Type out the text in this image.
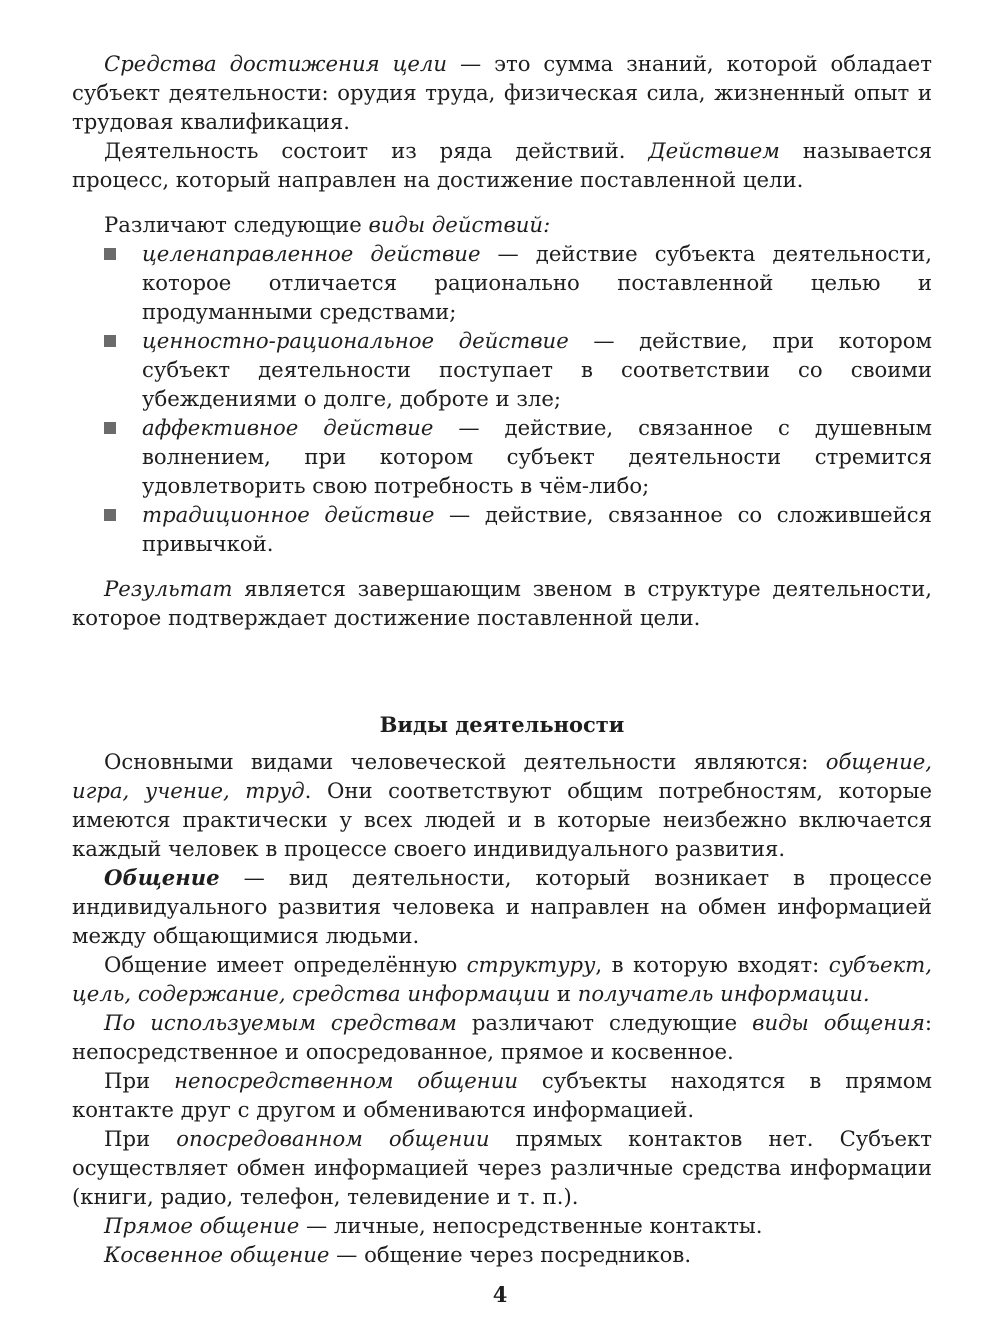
Средства достижения цели — это сумма знаний, которой обладает субъект деятельности: орудия труда, физическая сила, жизненный опыт и трудовая квалификация.

Деятельность состоит из ряда действий. Действием называется процесс, который направлен на достижение поставленной цели.

Различают следующие виды действий:

целенаправленное действие — действие субъекта деятельности, которое отличается рационально поставленной целью и продуманными средствами;
ценностно-рациональное действие — действие, при котором субъект деятельности поступает в соответствии со своими убеждениями о долге, доброте и зле;
аффективное действие — действие, связанное с душевным волнением, при котором субъект деятельности стремится удовлетворить свою потребность в чём-либо;
традиционное действие — действие, связанное со сложившейся привычкой.

Результат является завершающим звеном в структуре деятельности, которое подтверждает достижение поставленной цели.

Виды деятельности

Основными видами человеческой деятельности являются: общение, игра, учение, труд. Они соответствуют общим потребностям, которые имеются практически у всех людей и в которые неизбежно включается каждый человек в процессе своего индивидуального развития.

Общение — вид деятельности, который возникает в процессе индивидуального развития человека и направлен на обмен информацией между общающимися людьми.

Общение имеет определённую структуру, в которую входят: субъект, цель, содержание, средства информации и получатель информации.

По используемым средствам различают следующие виды общения: непосредственное и опосредованное, прямое и косвенное.

При непосредственном общении субъекты находятся в прямом контакте друг с другом и обмениваются информацией.

При опосредованном общении прямых контактов нет. Субъект осуществляет обмен информацией через различные средства информации (книги, радио, телефон, телевидение и т. п.).

Прямое общение — личные, непосредственные контакты.

Косвенное общение — общение через посредников.

4
